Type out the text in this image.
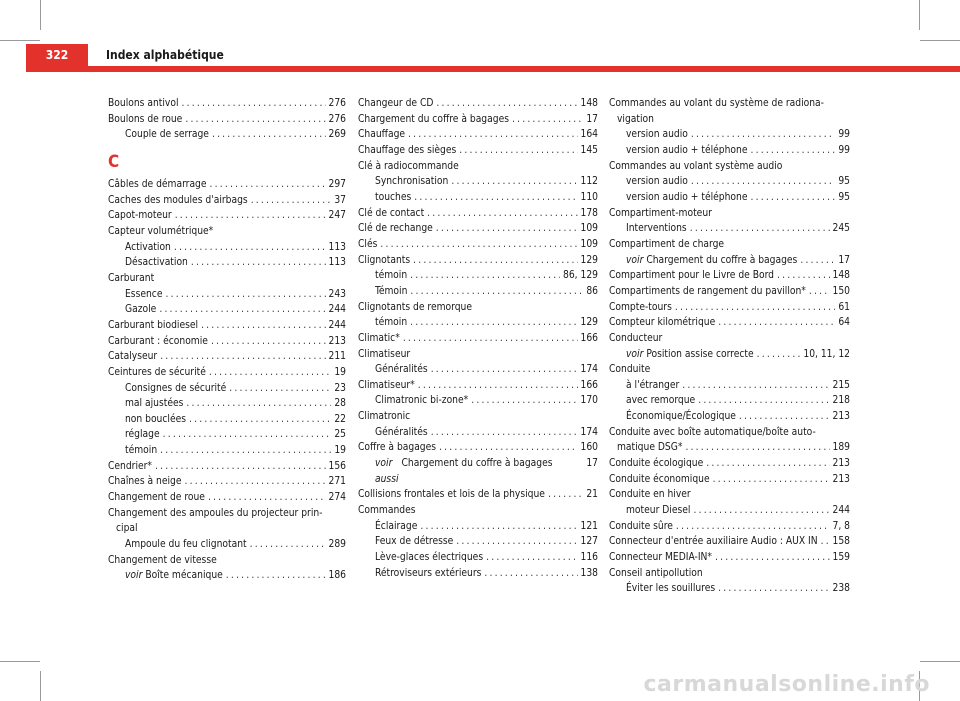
322	Index alphabétique
Boulons antivol .....	276
Boulons de roue .....	276
Couple de serrage .....	269
C
Câbles de démarrage .....	297
Caches des modules d'airbags .....	37
Capot-moteur .....	247
Capteur volumétrique*
Activation .....	113
Désactivation .....	113
Carburant
Essence .....	243
Gazole .....	244
Carburant biodiesel .....	244
Carburant : économie .....	213
Catalyseur .....	211
Ceintures de sécurité .....	19
Consignes de sécurité .....	23
mal ajustées .....	28
non bouclées .....	22
réglage .....	25
témoin .....	19
Cendrier* .....	156
Chaînes à neige .....	271
Changement de roue .....	274
Changement des ampoules du projecteur prin-
cipal
Ampoule du feu clignotant .....	289
Changement de vitesse
voir Boîte mécanique .....	186
Changeur de CD .....	148
Chargement du coffre à bagages .....	17
Chauffage .....	164
Chauffage des sièges .....	145
Clé à radiocommande
Synchronisation .....	112
touches .....	110
Clé de contact .....	178
Clé de rechange .....	109
Clés .....	109
Clignotants .....	129
témoin .....	86, 129
Témoin .....	86
Clignotants de remorque
témoin .....	129
Climatic* .....	166
Climatiseur
Généralités .....	174
Climatiseur* .....	166
Climatronic bi-zone* .....	170
Climatronic
Généralités .....	174
Coffre à bagages .....	160
voir aussi
Chargement du coffre à bagages	17
Collisions frontales et lois de la physique .....	21
Commandes
Éclairage .....	121
Feux de détresse .....	127
Lève-glaces électriques .....	116
Rétroviseurs extérieurs .....	138
Commandes au volant du système de radiona-
vigation
version audio .....	99
version audio + téléphone .....	99
Commandes au volant système audio
version audio .....	95
version audio + téléphone .....	95
Compartiment-moteur
Interventions .....	245
Compartiment de charge
voir Chargement du coffre à bagages .....	17
Compartiment pour le Livre de Bord .....	148
Compartiments de rangement du pavillon* .....	150
Compte-tours .....	61
Compteur kilométrique .....	64
Conducteur
voir Position assise correcte .....	10, 11, 12
Conduite
à l'étranger .....	215
avec remorque .....	218
Économique/Écologique .....	213
Conduite avec boîte automatique/boîte auto-
matique DSG* .....	189
Conduite écologique .....	213
Conduite économique .....	213
Conduite en hiver
moteur Diesel .....	244
Conduite sûre .....	7, 8
Connecteur d'entrée auxiliaire Audio : AUX IN ..... 158
Connecteur MEDIA-IN* .....	159
Conseil antipollution
Éviter les souillures .....	238
carmanualsonline.info
